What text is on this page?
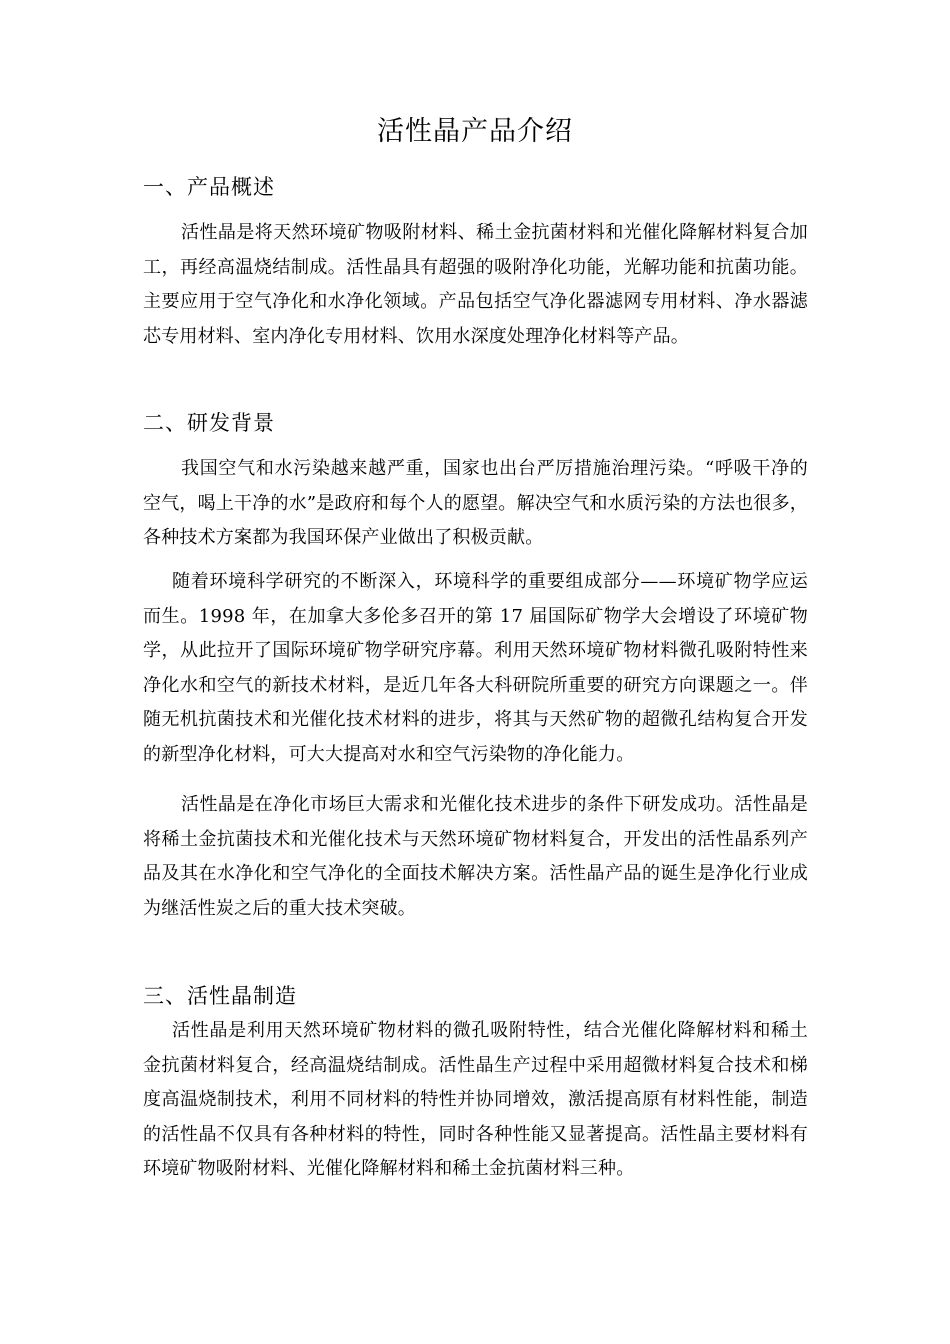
活性晶产品介绍
一、产品概述

活性晶是将天然环境矿物吸附材料、稀土金抗菌材料和光催化降解材料复合加工，再经高温烧结制成。活性晶具有超强的吸附净化功能，光解功能和抗菌功能。主要应用于空气净化和水净化领域。产品包括空气净化器滤网专用材料、净水器滤芯专用材料、室内净化专用材料、饮用水深度处理净化材料等产品。

二、研发背景

我国空气和水污染越来越严重，国家也出台严厉措施治理污染。“呼吸干净的空气，喝上干净的水”是政府和每个人的愿望。解决空气和水质污染的方法也很多，各种技术方案都为我国环保产业做出了积极贡献。

随着环境科学研究的不断深入，环境科学的重要组成部分——环境矿物学应运而生。1998 年，在加拿大多伦多召开的第 17 届国际矿物学大会增设了环境矿物学，从此拉开了国际环境矿物学研究序幕。利用天然环境矿物材料微孔吸附特性来净化水和空气的新技术材料，是近几年各大科研院所重要的研究方向课题之一。伴随无机抗菌技术和光催化技术材料的进步，将其与天然矿物的超微孔结构复合开发的新型净化材料，可大大提高对水和空气污染物的净化能力。

活性晶是在净化市场巨大需求和光催化技术进步的条件下研发成功。活性晶是将稀土金抗菌技术和光催化技术与天然环境矿物材料复合，开发出的活性晶系列产品及其在水净化和空气净化的全面技术解决方案。活性晶产品的诞生是净化行业成为继活性炭之后的重大技术突破。

三、活性晶制造

活性晶是利用天然环境矿物材料的微孔吸附特性，结合光催化降解材料和稀土金抗菌材料复合，经高温烧结制成。活性晶生产过程中采用超微材料复合技术和梯度高温烧制技术，利用不同材料的特性并协同增效，激活提高原有材料性能，制造的活性晶不仅具有各种材料的特性，同时各种性能又显著提高。活性晶主要材料有环境矿物吸附材料、光催化降解材料和稀土金抗菌材料三种。
